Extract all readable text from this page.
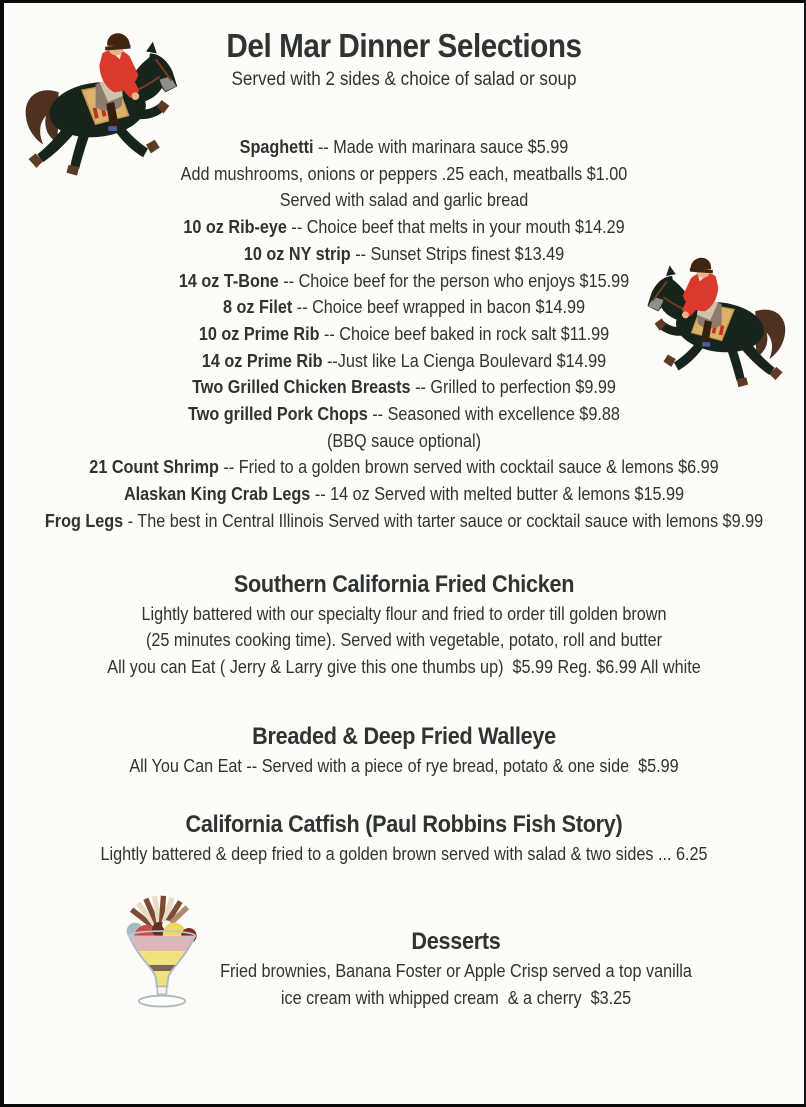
Del Mar Dinner Selections
Served with 2 sides & choice of salad or soup
Spaghetti -- Made with marinara sauce $5.99
Add mushrooms, onions or peppers .25 each, meatballs $1.00
Served with salad and garlic bread
10 oz Rib-eye -- Choice beef that melts in your mouth $14.29
10 oz NY strip -- Sunset Strips finest $13.49
14 oz T-Bone -- Choice beef for the person who enjoys $15.99
8 oz Filet -- Choice beef wrapped in bacon $14.99
10 oz Prime Rib -- Choice beef baked in rock salt $11.99
14 oz Prime Rib --Just like La Cienga Boulevard $14.99
Two Grilled Chicken Breasts -- Grilled to perfection $9.99
Two grilled Pork Chops -- Seasoned with excellence $9.88
(BBQ sauce optional)
21 Count Shrimp -- Fried to a golden brown served with cocktail sauce & lemons $6.99
Alaskan King Crab Legs -- 14 oz Served with melted butter & lemons $15.99
Frog Legs - The best in Central Illinois Served with tarter sauce or cocktail sauce with lemons $9.99
Southern California Fried Chicken
Lightly battered with our specialty flour and fried to order till golden brown
(25 minutes cooking time). Served with vegetable, potato, roll and butter
All you can Eat ( Jerry & Larry give this one thumbs up)  $5.99 Reg. $6.99 All white
Breaded & Deep Fried Walleye
All You Can Eat -- Served with a piece of rye bread, potato & one side  $5.99
California Catfish (Paul Robbins Fish Story)
Lightly battered & deep fried to a golden brown served with salad & two sides ... 6.25
Desserts
Fried brownies, Banana Foster or Apple Crisp served a top vanilla
ice cream with whipped cream  & a cherry  $3.25
